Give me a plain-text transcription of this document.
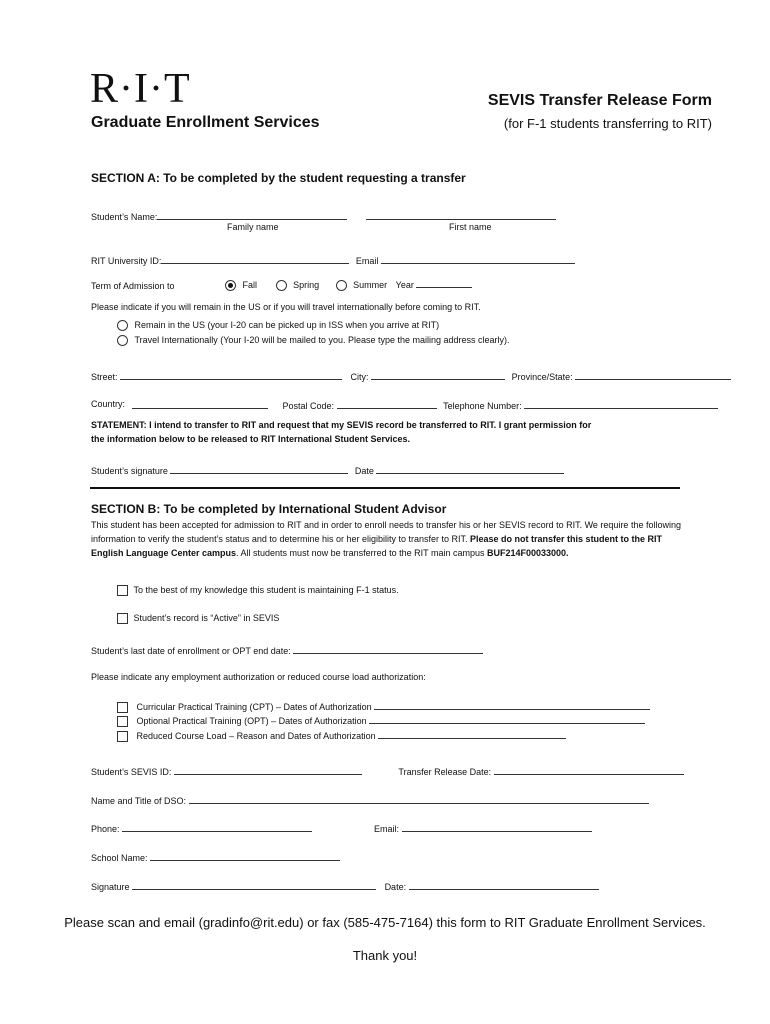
R·I·T
Graduate Enrollment Services
SEVIS Transfer Release Form
(for F-1 students transferring to RIT)
SECTION A: To be completed by the student requesting a transfer
Student’s Name:
Family name	First name
RIT University ID:	Email
Term of Admission to	Fall	Spring	Summer Year
Please indicate if you will remain in the US or if you will travel internationally before coming to RIT.
Remain in the US (your I-20 can be picked up in ISS when you arrive at RIT)
Travel Internationally (Your I-20 will be mailed to you. Please type the mailing address clearly).
Street:	City:	Province/State:
Country:	Postal Code:	Telephone Number:
STATEMENT: I intend to transfer to RIT and request that my SEVIS record be transferred to RIT. I grant permission for
the information below to be released to RIT International Student Services.
Student’s signature	Date
SECTION B: To be completed by International Student Advisor
This student has been accepted for admission to RIT and in order to enroll needs to transfer his or her SEVIS record to RIT. We require the following information to verify the student’s status and to determine his or her eligibility to transfer to RIT. Please do not transfer this student to the RIT English Language Center campus. All students must now be transferred to the RIT main campus BUF214F00033000.
To the best of my knowledge this student is maintaining F-1 status.
Student’s record is “Active” in SEVIS
Student’s last date of enrollment or OPT end date:
Please indicate any employment authorization or reduced course load authorization:
Curricular Practical Training (CPT) – Dates of Authorization
Optional Practical Training (OPT) – Dates of Authorization
Reduced Course Load – Reason and Dates of Authorization
Student’s SEVIS ID:	Transfer Release Date:
Name and Title of DSO:
Phone:	Email:
School Name:
Signature	Date:
Please scan and email (gradinfo@rit.edu) or fax (585-475-7164) this form to RIT Graduate Enrollment Services.
Thank you!
